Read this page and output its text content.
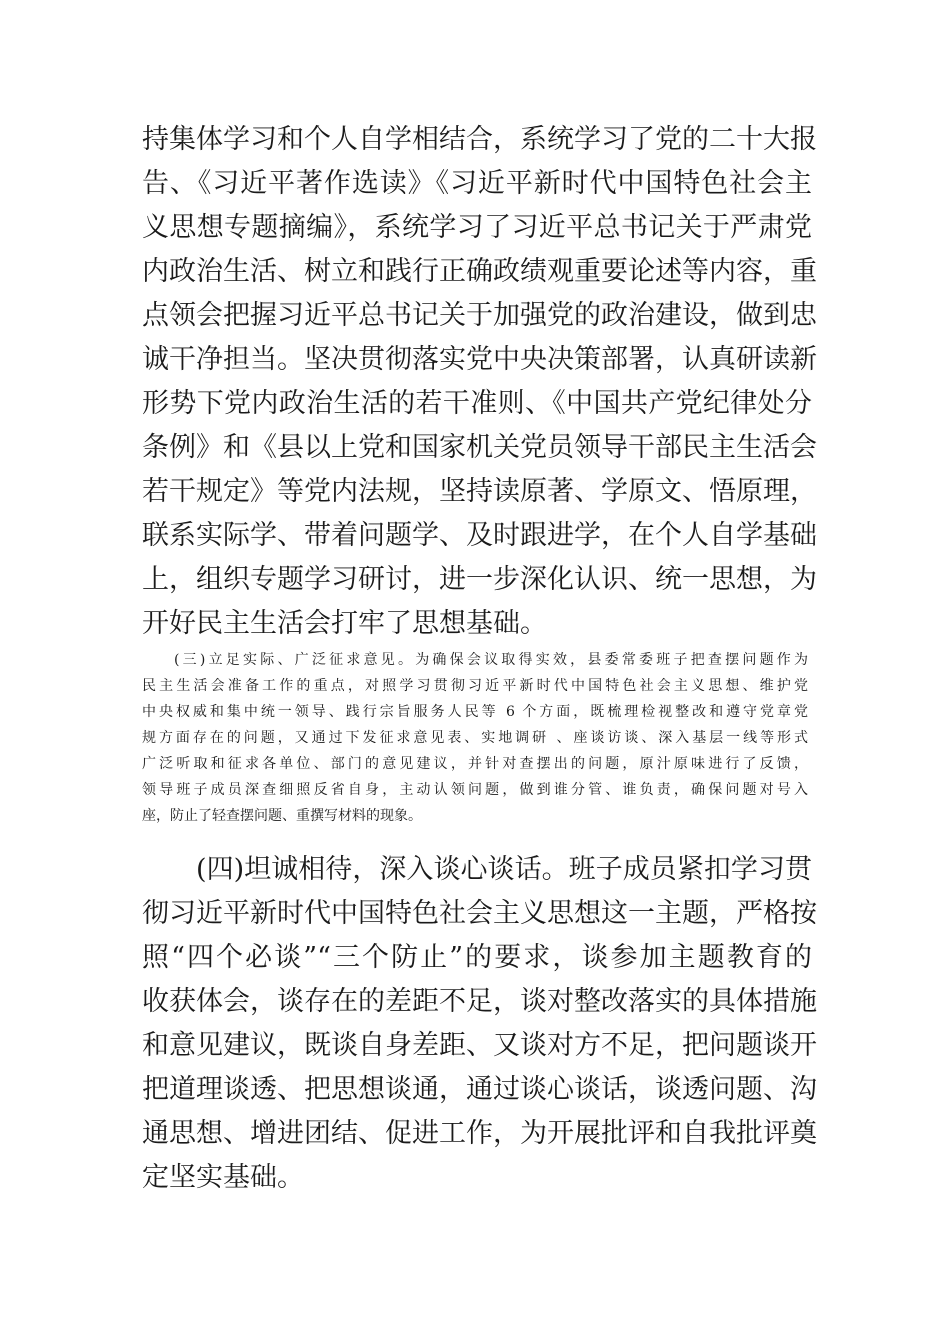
持集体学习和个人自学相结合，系统学习了党的二十大报
告、《习近平著作选读》《习近平新时代中国特色社会主
义思想专题摘编》，系统学习了习近平总书记关于严肃党
内政治生活、树立和践行正确政绩观重要论述等内容，重
点领会把握习近平总书记关于加强党的政治建设，做到忠
诚干净担当。坚决贯彻落实党中央决策部署，认真研读新
形势下党内政治生活的若干准则、《中国共产党纪律处分
条例》和《县以上党和国家机关党员领导干部民主生活会
若干规定》等党内法规，坚持读原著、学原文、悟原理，
联系实际学、带着问题学、及时跟进学，在个人自学基础
上，组织专题学习研讨，进一步深化认识、统一思想，为
开好民主生活会打牢了思想基础。
(三)立足实际、广泛征求意见。为确保会议取得实效，县委常委班子把查摆问题作为
民主生活会准备工作的重点，对照学习贯彻习近平新时代中国特色社会主义思想、维护党
中央权威和集中统一领导、践行宗旨服务人民等 6 个方面，既梳理检视整改和遵守党章党
规方面存在的问题，又通过下发征求意见表、实地调研 、座谈访谈、深入基层一线等形式
广泛听取和征求各单位、部门的意见建议，并针对查摆出的问题，原汁原味进行了反馈，
领导班子成员深查细照反省自身，主动认领问题，做到谁分管、谁负责，确保问题对号入
座，防止了轻查摆问题、重撰写材料的现象。
(四)坦诚相待，深入谈心谈话。班子成员紧扣学习贯
彻习近平新时代中国特色社会主义思想这一主题，严格按
照“四个必谈”“三个防止”的要求，谈参加主题教育的
收获体会，谈存在的差距不足，谈对整改落实的具体措施
和意见建议，既谈自身差距、又谈对方不足，把问题谈开
把道理谈透、把思想谈通，通过谈心谈话，谈透问题、沟
通思想、增进团结、促进工作，为开展批评和自我批评奠
定坚实基础。
